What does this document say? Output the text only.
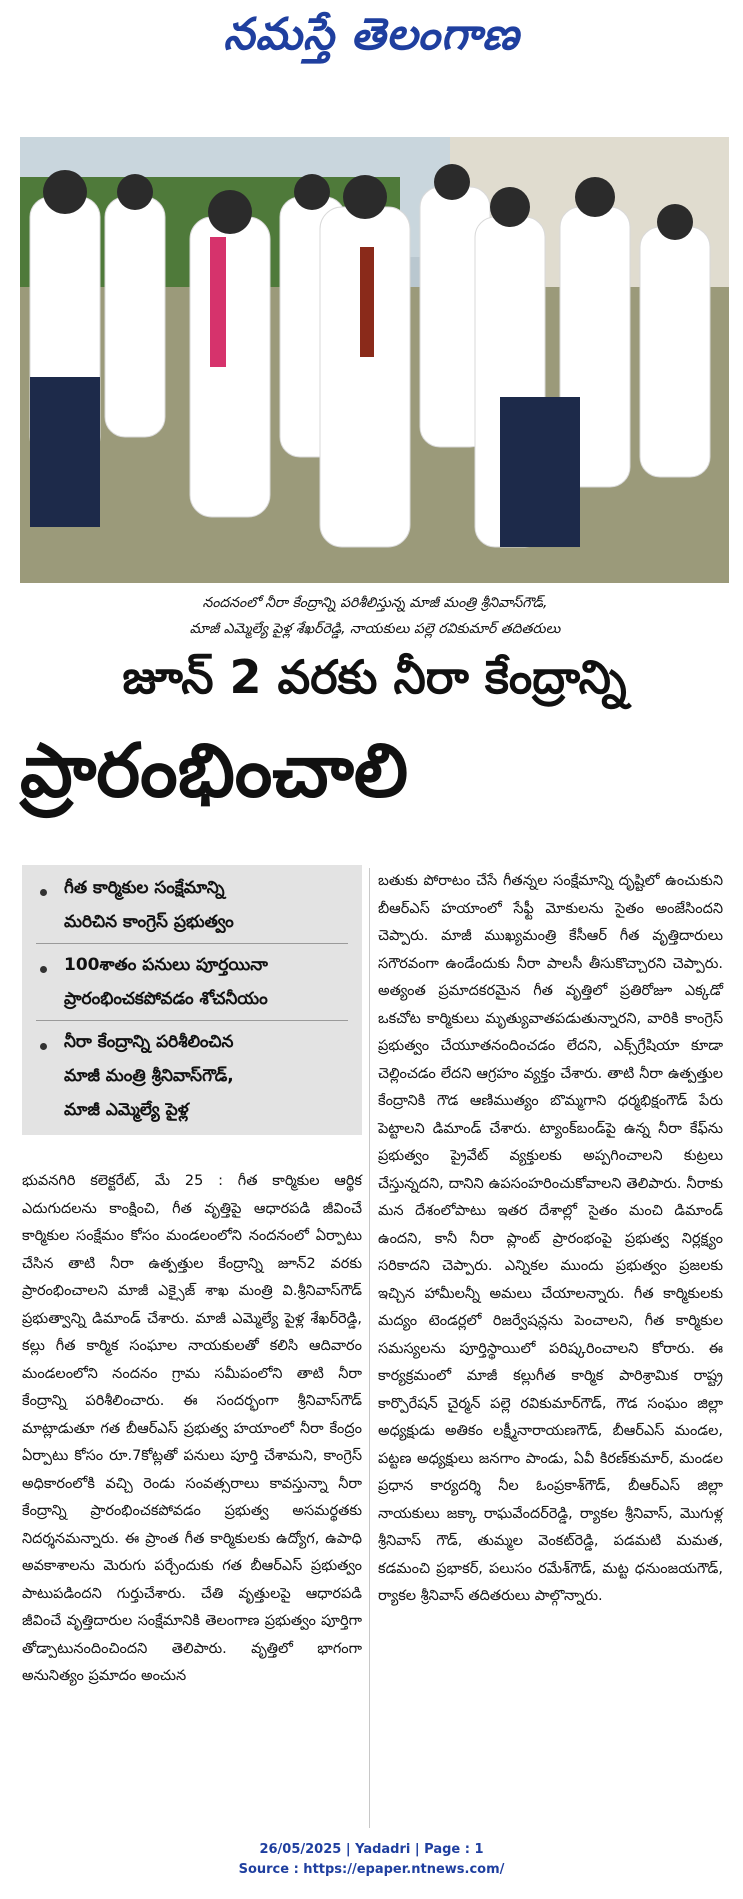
నమస్తే తెలంగాణ
నందనంలో నీరా కేంద్రాన్ని పరిశీలిస్తున్న మాజీ మంత్రి శ్రీనివాస్‌గౌడ్,
మాజీ ఎమ్మెల్యే పైళ్ల శేఖర్‌రెడ్డి, నాయకులు పల్లె రవికుమార్ తదితరులు
జూన్ 2 వరకు నీరా కేంద్రాన్ని
ప్రారంభించాలి
గీత కార్మికుల సంక్షేమాన్ని
మరిచిన కాంగ్రెస్ ప్రభుత్వం
100శాతం పనులు పూర్తయినా
ప్రారంభించకపోవడం శోచనీయం
నీరా కేంద్రాన్ని పరిశీలించిన
మాజీ మంత్రి శ్రీనివాస్‌గౌడ్,
మాజీ ఎమ్మెల్యే పైళ్ల

బతుకు పోరాటం చేసే గీతన్నల సంక్షేమాన్ని దృష్టిలో ఉంచుకుని బీఆర్‌ఎస్ హయాంలో సేఫ్టీ మోకులను సైతం అంజేసిందని చెప్పారు. మాజీ ముఖ్యమంత్రి కేసీఆర్ గీత వృత్తిదారులు సగౌరవంగా ఉండేందుకు నీరా పాలసీ తీసుకొచ్చారని చెప్పారు. అత్యంత ప్రమాదకరమైన గీత వృత్తిలో ప్రతిరోజూ ఎక్కడో ఒకచోట కార్మికులు మృత్యువాతపడుతున్నారని, వారికి కాంగ్రెస్ ప్రభుత్వం చేయూతనందించడం లేదని, ఎక్స్‌గ్రేషియా కూడా చెల్లించడం లేదని ఆగ్రహం వ్యక్తం చేశారు. తాటి నీరా ఉత్పత్తుల కేంద్రానికి గౌడ ఆణిముత్యం బొమ్మగాని ధర్మభిక్షంగౌడ్ పేరు పెట్టాలని డిమాండ్ చేశారు. ట్యాంక్‌బండ్‌పై ఉన్న నీరా కేఫ్‌ను ప్రభుత్వం ప్రైవేట్ వ్యక్తులకు అప్పగించాలని కుట్రలు చేస్తున్నదని, దానిని ఉపసంహరించుకోవాలని తెలిపారు. నీరాకు మన దేశంలోపాటు ఇతర దేశాల్లో సైతం మంచి డిమాండ్ ఉందని, కానీ నీరా ప్లాంట్ ప్రారంభంపై ప్రభుత్వ నిర్లక్ష్యం సరికాదని చెప్పారు. ఎన్నికల ముందు ప్రభుత్వం ప్రజలకు ఇచ్చిన హామీలన్నీ అమలు చేయాలన్నారు. గీత కార్మికులకు మద్యం టెండర్లలో రిజర్వేషన్లను పెంచాలని, గీత కార్మికుల సమస్యలను పూర్తిస్థాయిలో పరిష్కరించాలని కోరారు. ఈ కార్యక్రమంలో మాజీ కల్లుగీత కార్మిక పారిశ్రామిక రాష్ట్ర కార్పొరేషన్ చైర్మన్ పల్లె రవికుమార్‌గౌడ్, గౌడ సంఘం జిల్లా అధ్యక్షుడు అతికం లక్ష్మీనారాయణగౌడ్, బీఆర్‌ఎస్ మండల, పట్టణ అధ్యక్షులు జనగాం పాండు, ఏవీ కిరణ్‌కుమార్, మండల ప్రధాన కార్యదర్శి నీల ఓంప్రకాశ్‌గౌడ్, బీఆర్‌ఎస్ జిల్లా నాయకులు జక్కా రాఘవేందర్‌రెడ్డి, ర్యాకల శ్రీనివాస్, మొగుళ్ల శ్రీనివాస్ గౌడ్, తుమ్మల వెంకట్‌రెడ్డి, పడమటి మమత, కడమంచి ప్రభాకర్, పలుసం రమేశ్‌గౌడ్, మట్ట ధనుంజయగౌడ్, ర్యాకల శ్రీనివాస్ తదితరులు పాల్గొన్నారు.

భువనగిరి కలెక్టరేట్, మే 25 : గీత కార్మికుల ఆర్థిక ఎదుగుదలను కాంక్షించి, గీత వృత్తిపై ఆధారపడి జీవించే కార్మికుల సంక్షేమం కోసం మండలంలోని నందనంలో ఏర్పాటు చేసిన తాటి నీరా ఉత్పత్తుల కేంద్రాన్ని జూన్2 వరకు ప్రారంభించాలని మాజీ ఎక్సైజ్ శాఖ మంత్రి వి.శ్రీనివాస్‌గౌడ్ ప్రభుత్వాన్ని డిమాండ్ చేశారు. మాజీ ఎమ్మెల్యే పైళ్ల శేఖర్‌రెడ్డి, కల్లు గీత కార్మిక సంఘాల నాయకులతో కలిసి ఆదివారం మండలంలోని నందనం గ్రామ సమీపంలోని తాటి నీరా కేంద్రాన్ని పరిశీలించారు. ఈ సందర్భంగా శ్రీనివాస్‌గౌడ్ మాట్లాడుతూ గత బీఆర్‌ఎస్ ప్రభుత్వ హయాంలో నీరా కేంద్రం ఏర్పాటు కోసం రూ.7కోట్లతో పనులు పూర్తి చేశామని, కాంగ్రెస్ అధికారంలోకి వచ్చి రెండు సంవత్సరాలు కావస్తున్నా నీరా కేంద్రాన్ని ప్రారంభించకపోవడం ప్రభుత్వ అసమర్థతకు నిదర్శనమన్నారు. ఈ ప్రాంత గీత కార్మికులకు ఉద్యోగ, ఉపాధి అవకాశాలను మెరుగు పర్చేందుకు గత బీఆర్‌ఎస్ ప్రభుత్వం పాటుపడిందని గుర్తుచేశారు. చేతి వృత్తులపై ఆధారపడి జీవించే వృత్తిదారుల సంక్షేమానికి తెలంగాణ ప్రభుత్వం పూర్తిగా తోడ్పాటునందించిందని తెలిపారు. వృత్తిలో భాగంగా అనునిత్యం ప్రమాదం అంచున

26/05/2025 | Yadadri | Page : 1
Source : https://epaper.ntnews.com/
